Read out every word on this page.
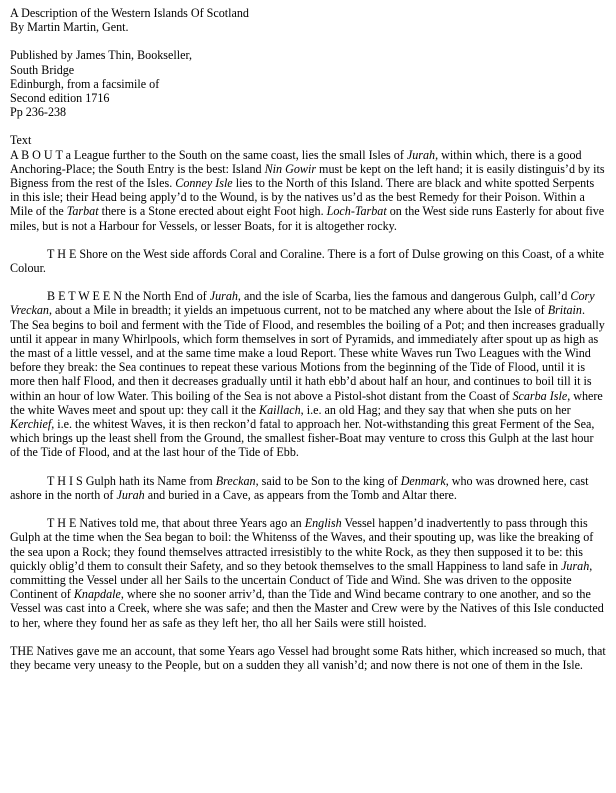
A Description of the Western Islands Of Scotland
By Martin Martin, Gent.
Published by James Thin, Bookseller,
South Bridge
Edinburgh, from a facsimile of
Second edition 1716
Pp 236-238
Text

A B O U T a League further to the South on the same coast, lies the small Isles of Jurah, within which, there is a good Anchoring-Place; the South Entry is the best: Island Nin Gowir must be kept on the left hand; it is easily distinguis’d by its Bigness from the rest of the Isles. Conney Isle lies to the North of this Island. There are black and white spotted Serpents in this isle; their Head being apply’d to the Wound, is by the natives us’d as the best Remedy for their Poison. Within a Mile of the Tarbat there is a Stone erected about eight Foot high. Loch-Tarbat on the West side runs Easterly for about five miles, but is not a Harbour for Vessels, or lesser Boats, for it is altogether rocky.

T H E Shore on the West side affords Coral and Coraline. There is a fort of Dulse growing on this Coast, of a white Colour.

B E T W E E N the North End of Jurah, and the isle of Scarba, lies the famous and dangerous Gulph, call’d Cory Vreckan, about a Mile in breadth; it yields an impetuous current, not to be matched any where about the Isle of Britain. The Sea begins to boil and ferment with the Tide of Flood, and resembles the boiling of a Pot; and then increases gradually until it appear in many Whirlpools, which form themselves in sort of Pyramids, and immediately after spout up as high as the mast of a little vessel, and at the same time make a loud Report. These white Waves run Two Leagues with the Wind before they break: the Sea continues to repeat these various Motions from the beginning of the Tide of Flood, until it is more then half Flood, and then it decreases gradually until it hath ebb’d about half an hour, and continues to boil till it is within an hour of low Water. This boiling of the Sea is not above a Pistol-shot distant from the Coast of Scarba Isle, where the white Waves meet and spout up: they call it the Kaillach, i.e. an old Hag; and they say that when she puts on her Kerchief, i.e. the whitest Waves, it is then reckon’d fatal to approach her. Not-withstanding this great Ferment of the Sea, which brings up the least shell from the Ground, the smallest fisher-Boat may venture to cross this Gulph at the last hour of the Tide of Flood, and at the last hour of the Tide of Ebb.

T H I S Gulph hath its Name from Breckan, said to be Son to the king of Denmark, who was drowned here, cast ashore in the north of Jurah and buried in a Cave, as appears from the Tomb and Altar there.

T H E Natives told me, that about three Years ago an English Vessel happen’d inadvertently to pass through this Gulph at the time when the Sea began to boil: the Whitenss of the Waves, and their spouting up, was like the breaking of the sea upon a Rock; they found themselves attracted irresistibly to the white Rock, as they then supposed it to be: this quickly oblig’d them to consult their Safety, and so they betook themselves to the small Happiness to land safe in Jurah, committing the Vessel under all her Sails to the uncertain Conduct of Tide and Wind. She was driven to the opposite Continent of Knapdale, where she no sooner arriv’d, than the Tide and Wind became contrary to one another, and so the Vessel was cast into a Creek, where she was safe; and then the Master and Crew were by the Natives of this Isle conducted to her, where they found her as safe as they left her, tho all her Sails were still hoisted.

THE Natives gave me an account, that some Years ago Vessel had brought some Rats hither, which increased so much, that they became very uneasy to the People, but on a sudden they all vanish’d; and now there is not one of them in the Isle.
